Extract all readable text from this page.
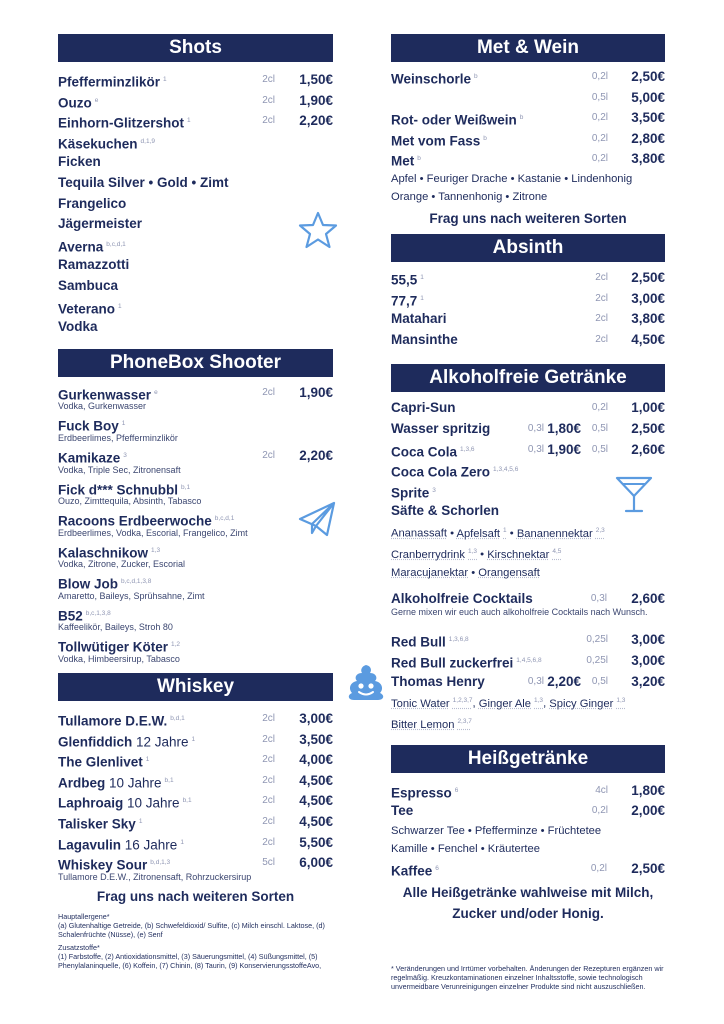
Shots
Pfefferminzlikör $^1$	2cl 1,50€
Ouzo $^e$	2cl 1,90€
Einhorn-Glitzershot $^1$	2cl 2,20€
Käsekuchen $^{d,1,9}$
Ficken
Tequila Silver • Gold • Zimt
Frangelico
Jägermeister
Averna $^{b,c,d,1}$
Ramazzotti
Sambuca
Veterano $^1$
Vodka
PhoneBox Shooter
Gurkenwasser $^e$	2cl 1,90€
Vodka, Gurkenwasser
Fuck Boy $^1$
Erdbeerlimes, Pfefferminzlikör
Kamikaze $^3$	2cl 2,20€
Vodka, Triple Sec, Zitronensaft
Fick d*** Schnubbl $^{b,1}$
Ouzo, Zimttequila, Absinth, Tabasco
Racoons Erdbeerwoche $^{b,c,d,1}$
Erdbeerlimes, Vodka, Escorial, Frangelico, Zimt
Kalaschnikow $^{1,3}$
Vodka, Zitrone, Zucker, Escorial
Blow Job $^{b,c,d,1,3,8}$
Amaretto, Baileys, Sprühsahne, Zimt
B52 $^{b,c,1,3,8}$
Kaffeelikör, Baileys, Stroh 80
Tollwütiger Köter $^{1,2}$
Vodka, Himbeersirup, Tabasco
Whiskey
Tullamore D.E.W. $^{b,d,1}$	2cl 3,00€
Glenfiddich 12 Jahre $^1$	2cl 3,50€
The Glenlivet $^1$	2cl 4,00€
Ardbeg 10 Jahre $^{b,1}$	2cl 4,50€
Laphroaig 10 Jahre $^{b,1}$	2cl 4,50€
Talisker Sky $^1$	2cl 4,50€
Lagavulin 16 Jahre $^1$	2cl 5,50€
Whiskey Sour $^{b,d,1,3}$	5cl 6,00€
Tullamore D.E.W., Zitronensaft, Rohrzuckersirup
Frag uns nach weiteren Sorten
Hauptallergene*
(a) Glutenhaltige Getreide, (b) Schwefeldioxid/ Sulfite, (c) Milch einschl. Laktose, (d) Schalenfrüchte (Nüsse), (e) Senf
Zusatzstoffe*
(1) Farbstoffe, (2) Antioxidationsmittel, (3) Säuerungsmittel, (4) Süßungsmittel, (5) Phenylalaninquelle, (6) Koffein, (7) Chinin, (8) Taurin, (9) KonservierungsstoffeAvo,
Met & Wein
Weinschorle $^b$	0,2l 2,50€
0,5l 5,00€
Rot- oder Weißwein $^b$	0,2l 3,50€
Met vom Fass $^b$	0,2l 2,80€
Met $^b$	0,2l 3,80€
Apfel • Feuriger Drache • Kastanie • Lindenhonig
Orange • Tannenhonig • Zitrone
Frag uns nach weiteren Sorten
Absinth
55,5 $^1$	2cl 2,50€
77,7 $^1$	2cl 3,00€
Matahari	2cl 3,80€
Mansinthe	2cl 4,50€
Alkoholfreie Getränke
Capri-Sun	0,2l 1,00€
Wasser spritzig	0,3l 1,80€ 0,5l 2,50€
Coca Cola $^{1,3,6}$	0,3l 1,90€ 0,5l 2,60€
Coca Cola Zero $^{1,3,4,5,6}$
Sprite $^3$
Säfte & Schorlen
Ananassaft • Apfelsaft $^1$ • Bananennektar $^{2,3}$
Cranberrydrink $^{1,3}$ • Kirschnektar $^{4,5}$
Maracujanektar • Orangensaft
Alkoholfreie Cocktails	0,3l 2,60€
Gerne mixen wir euch auch alkoholfreie Cocktails nach Wunsch.
Red Bull $^{1,3,6,8}$	0,25l 3,00€
Red Bull zuckerfrei $^{1,4,5,6,8}$	0,25l 3,00€
Thomas Henry	0,3l 2,20€ 0,5l 3,20€
Tonic Water $^{1,2,3,7}$, Ginger Ale $^{1,3}$, Spicy Ginger $^{1,3}$
Bitter Lemon $^{2,3,7}$
Heißgetränke
Espresso $^6$	4cl 1,80€
Tee	0,2l 2,00€
Schwarzer Tee • Pfefferminze • Früchtetee
Kamille • Fenchel • Kräutertee
Kaffee $^6$	0,2l 2,50€
Alle Heißgetränke wahlweise mit Milch,
Zucker und/oder Honig.
* Veränderungen und Irrtümer vorbehalten. Änderungen der Rezepturen ergänzen wir regelmäßig. Kreuzkontaminationen einzelner Inhaltsstoffe, sowie technologisch unvermeidbare Verunreinigungen einzelner Produkte sind nicht auszuschließen.
